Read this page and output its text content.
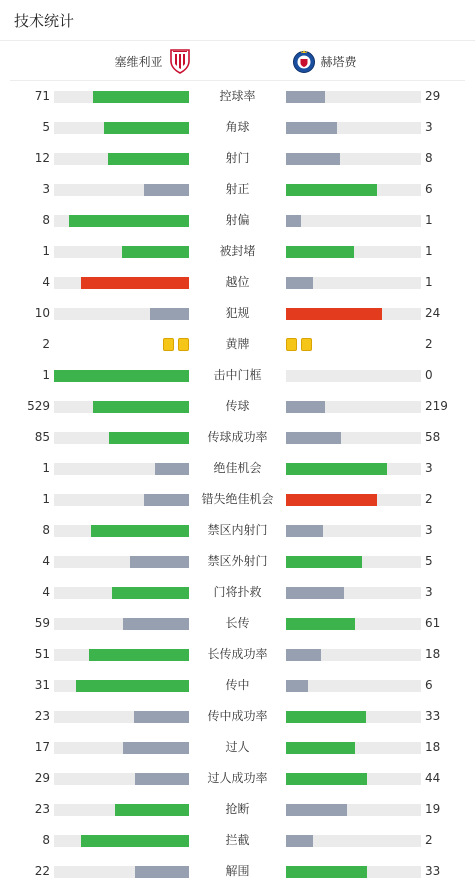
技术统计
塞维利亚	赫塔费
71	控球率	29
5	角球	3
12	射门	8
3	射正	6
8	射偏	1
1	被封堵	1
4	越位	1
10	犯规	24
2	黄牌	2
1	击中门框	0
529	传球	219
85	传球成功率	58
1	绝佳机会	3
1	错失绝佳机会	2
8	禁区内射门	3
4	禁区外射门	5
4	门将扑救	3
59	长传	61
51	长传成功率	18
31	传中	6
23	传中成功率	33
17	过人	18
29	过人成功率	44
23	抢断	19
8	拦截	2
22	解围	33
